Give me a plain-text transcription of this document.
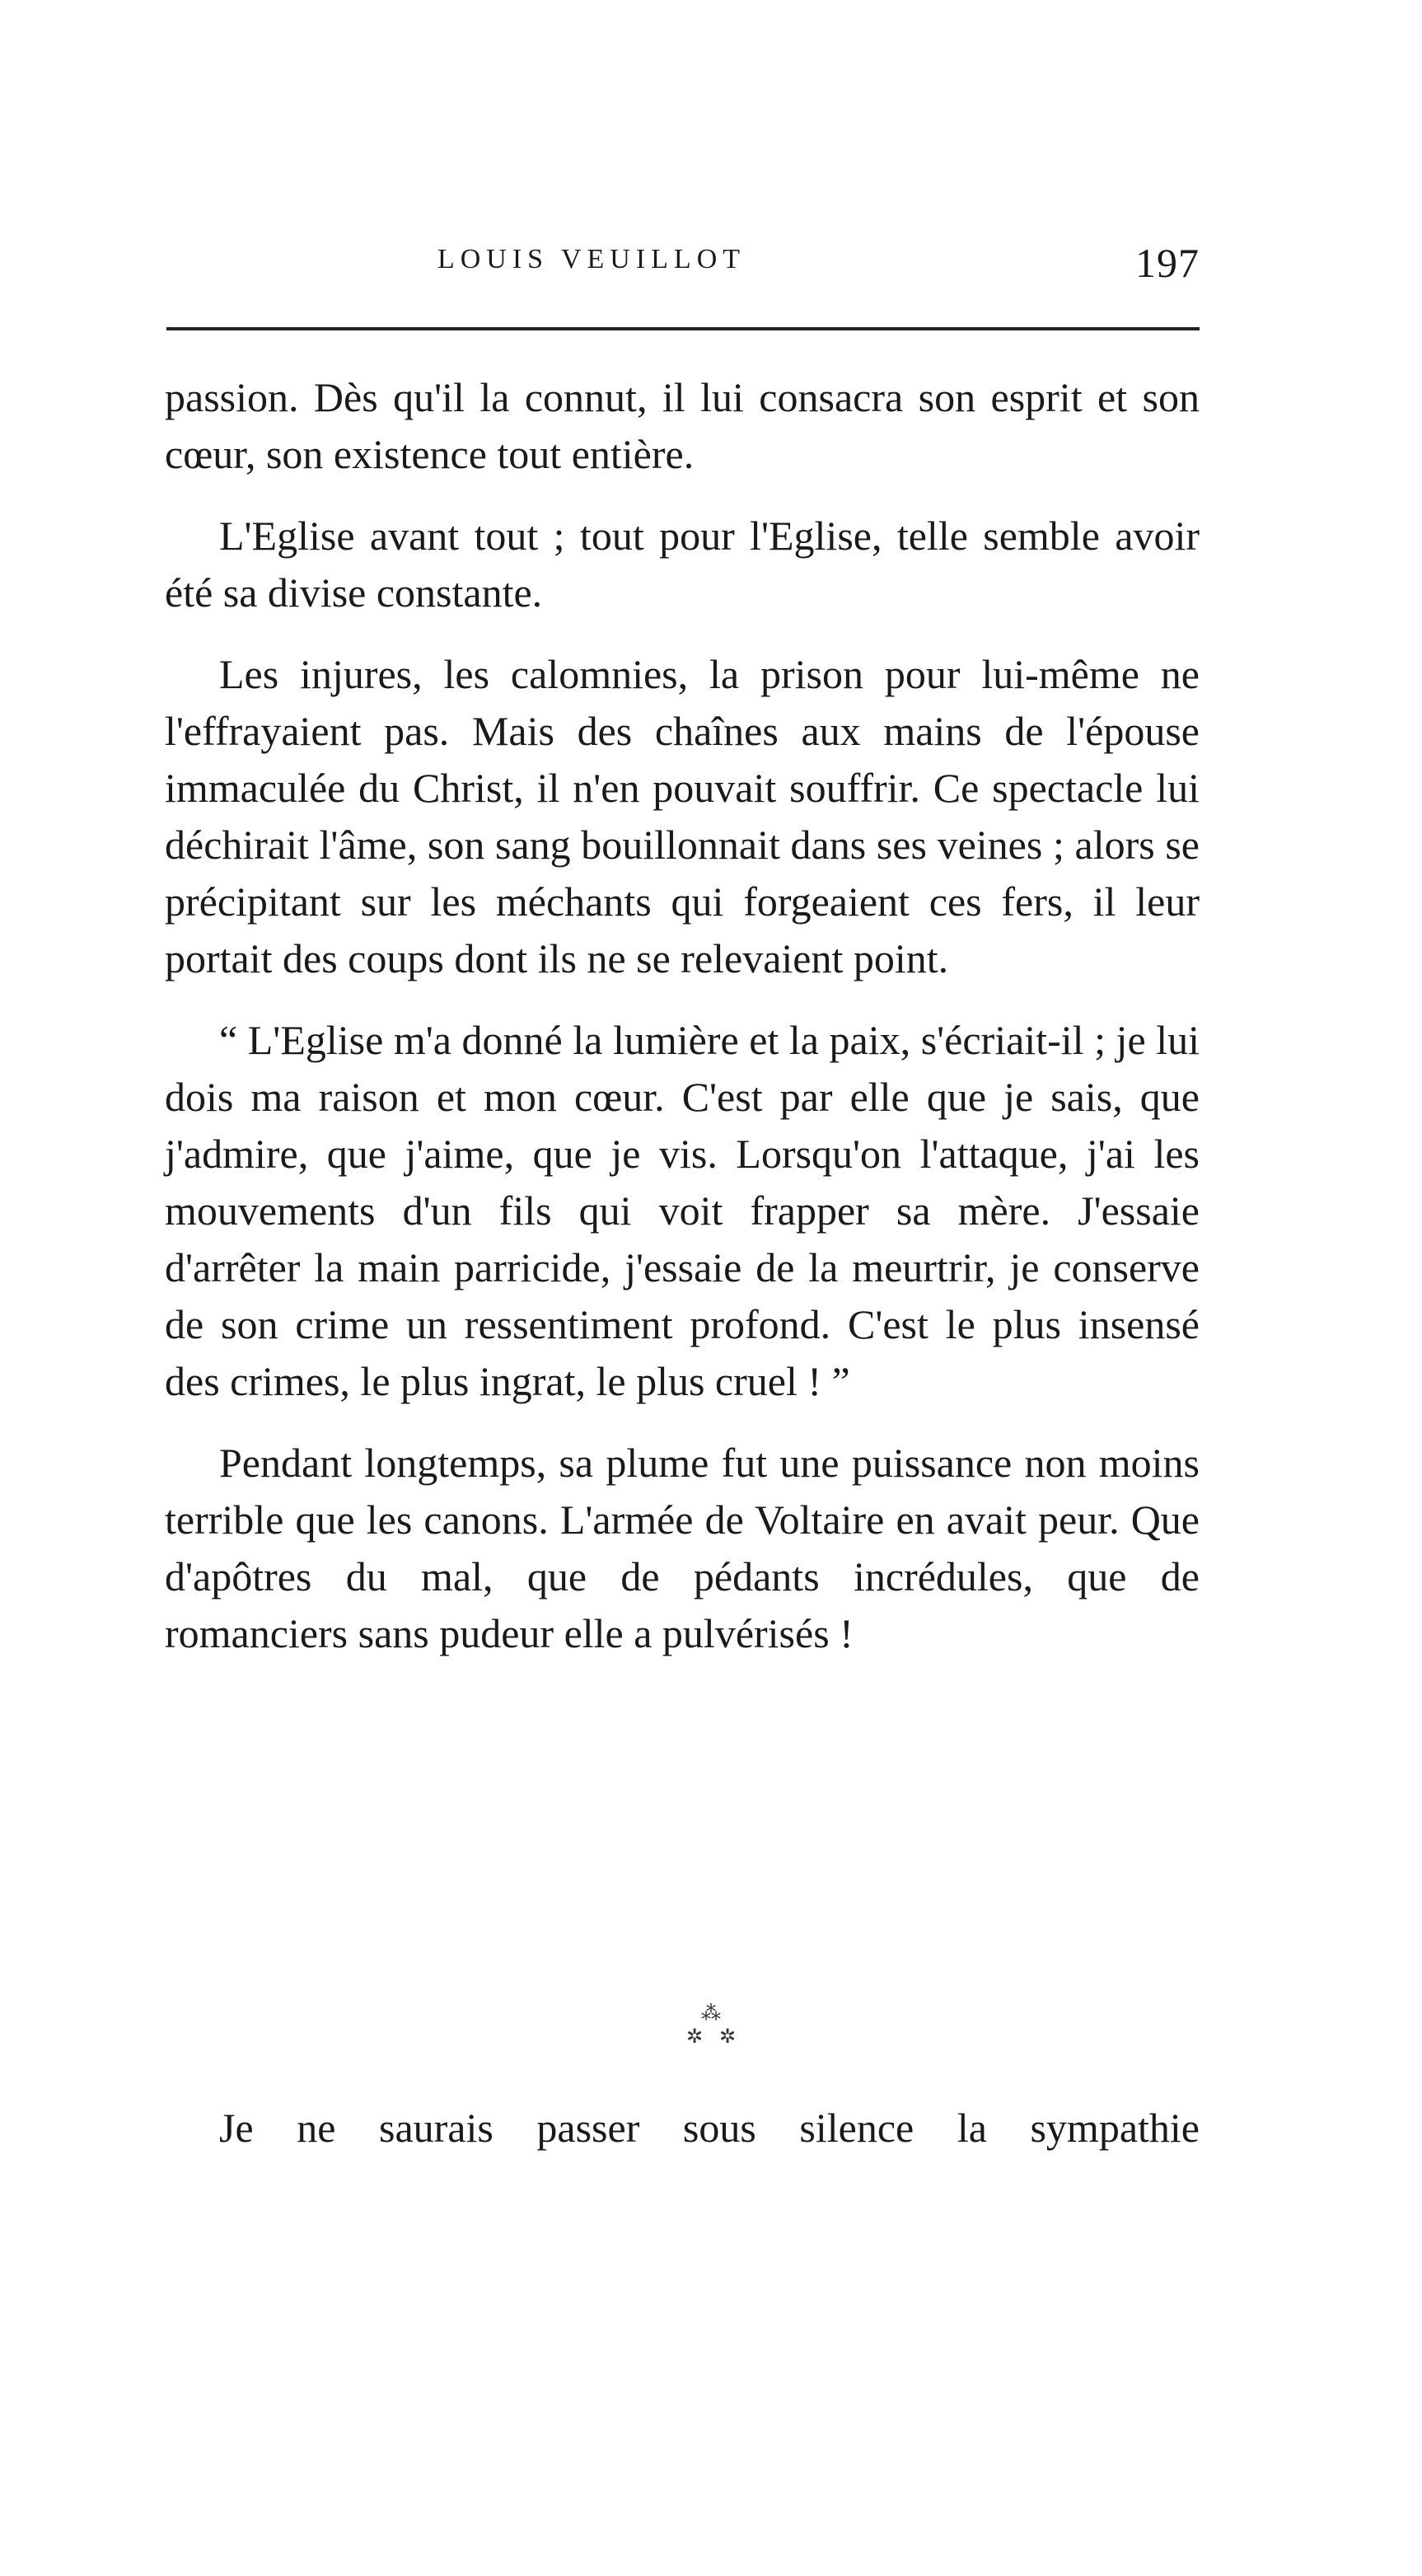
LOUIS VEUILLOT	197

passion. Dès qu'il la connut, il lui consacra son esprit et son cœur, son existence tout entière.

L'Eglise avant tout ; tout pour l'Eglise, telle semble avoir été sa divise constante.

Les injures, les calomnies, la prison pour lui-même ne l'effrayaient pas. Mais des chaînes aux mains de l'épouse immaculée du Christ, il n'en pouvait souffrir. Ce spectacle lui déchirait l'âme, son sang bouillonnait dans ses veines ; alors se précipitant sur les méchants qui forgeaient ces fers, il leur portait des coups dont ils ne se relevaient point.

“ L'Eglise m'a donné la lumière et la paix, s'écriait-il ; je lui dois ma raison et mon cœur. C'est par elle que je sais, que j'admire, que j'aime, que je vis. Lorsqu'on l'attaque, j'ai les mouvements d'un fils qui voit frapper sa mère. J'essaie d'arrêter la main parricide, j'essaie de la meurtrir, je conserve de son crime un ressentiment profond. C'est le plus insensé des crimes, le plus ingrat, le plus cruel ! ”

Pendant longtemps, sa plume fut une puissance non moins terrible que les canons. L'armée de Voltaire en avait peur. Que d'apôtres du mal, que de pédants incrédules, que de romanciers sans pudeur elle a pulvérisés !

⁂
✲ ✲
Je ne saurais passer sous silence la sympathie
